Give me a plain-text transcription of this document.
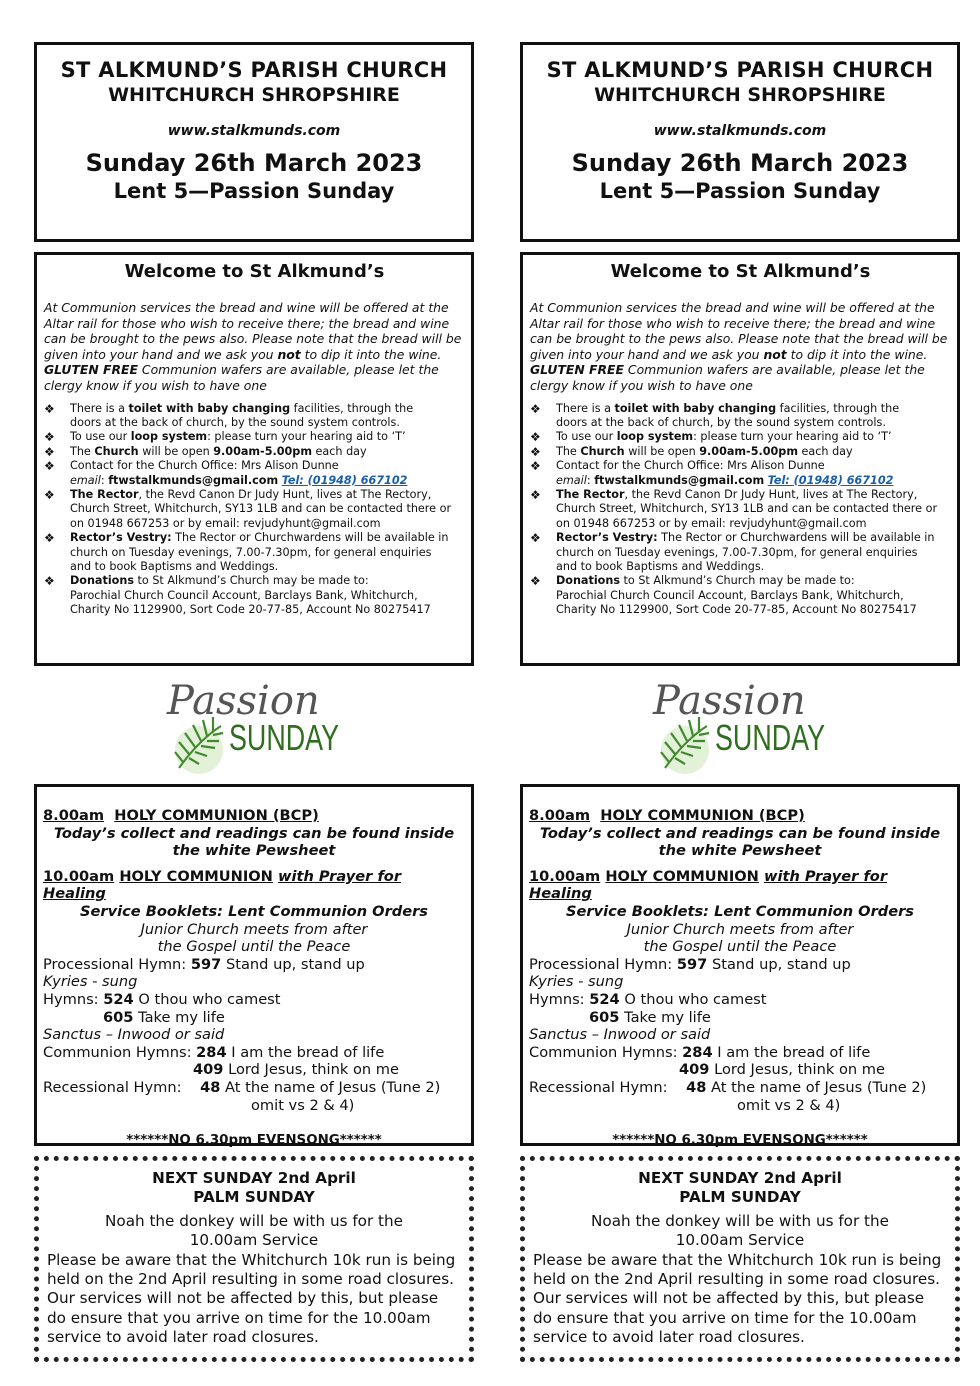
ST ALKMUND’S PARISH CHURCH
WHITCHURCH SHROPSHIRE
www.stalkmunds.com
Sunday 26th March 2023
Lent 5—Passion Sunday
Welcome to St Alkmund’s
At Communion services the bread and wine will be offered at the Altar rail for those who wish to receive there; the bread and wine can be brought to the pews also. Please note that the bread will be given into your hand and we ask you not to dip it into the wine. GLUTEN FREE Communion wafers are available, please let the clergy know if you wish to have one
❖ There is a toilet with baby changing facilities, through the
doors at the back of church, by the sound system controls.
❖ To use our loop system: please turn your hearing aid to ‘T’
❖ The Church will be open 9.00am-5.00pm each day
❖ Contact for the Church Office: Mrs Alison Dunne
email: ftwstalkmunds@gmail.com Tel: (01948) 667102
❖ The Rector, the Revd Canon Dr Judy Hunt, lives at The Rectory, Church Street, Whitchurch, SY13 1LB and can be contacted there or on 01948 667253 or by email: revjudyhunt@gmail.com
❖ Rector’s Vestry: The Rector or Churchwardens will be available in church on Tuesday evenings, 7.00-7.30pm, for general enquiries
and to book Baptisms and Weddings.
❖ Donations to St Alkmund’s Church may be made to:
Parochial Church Council Account, Barclays Bank, Whitchurch,
Charity No 1129900, Sort Code 20-77-85, Account No 80275417
Passion
SUNDAY
8.00am HOLY COMMUNION (BCP)
Today’s collect and readings can be found inside
the white Pewsheet
10.00am HOLY COMMUNION with Prayer for Healing
Service Booklets: Lent Communion Orders
Junior Church meets from after
the Gospel until the Peace
Processional Hymn: 597 Stand up, stand up
Kyries - sung
Hymns: 524 O thou who camest
605 Take my life
Sanctus – Inwood or said
Communion Hymns: 284 I am the bread of life
409 Lord Jesus, think on me
Recessional Hymn:    48 At the name of Jesus (Tune 2)
omit vs 2 & 4)
******NO 6.30pm EVENSONG******
NEXT SUNDAY 2nd April
PALM SUNDAY
Noah the donkey will be with us for the
10.00am Service
Please be aware that the Whitchurch 10k run is being held on the 2nd April resulting in some road closures. Our services will not be affected by this, but please do ensure that you arrive on time for the 10.00am service to avoid later road closures.
ST ALKMUND’S PARISH CHURCH
WHITCHURCH SHROPSHIRE
www.stalkmunds.com
Sunday 26th March 2023
Lent 5—Passion Sunday
Welcome to St Alkmund’s
At Communion services the bread and wine will be offered at the Altar rail for those who wish to receive there; the bread and wine can be brought to the pews also. Please note that the bread will be given into your hand and we ask you not to dip it into the wine. GLUTEN FREE Communion wafers are available, please let the clergy know if you wish to have one
❖ There is a toilet with baby changing facilities, through the
doors at the back of church, by the sound system controls.
❖ To use our loop system: please turn your hearing aid to ‘T’
❖ The Church will be open 9.00am-5.00pm each day
❖ Contact for the Church Office: Mrs Alison Dunne
email: ftwstalkmunds@gmail.com Tel: (01948) 667102
❖ The Rector, the Revd Canon Dr Judy Hunt, lives at The Rectory, Church Street, Whitchurch, SY13 1LB and can be contacted there or on 01948 667253 or by email: revjudyhunt@gmail.com
❖ Rector’s Vestry: The Rector or Churchwardens will be available in church on Tuesday evenings, 7.00-7.30pm, for general enquiries
and to book Baptisms and Weddings.
❖ Donations to St Alkmund’s Church may be made to:
Parochial Church Council Account, Barclays Bank, Whitchurch,
Charity No 1129900, Sort Code 20-77-85, Account No 80275417
Passion
SUNDAY
8.00am HOLY COMMUNION (BCP)
Today’s collect and readings can be found inside
the white Pewsheet
10.00am HOLY COMMUNION with Prayer for Healing
Service Booklets: Lent Communion Orders
Junior Church meets from after
the Gospel until the Peace
Processional Hymn: 597 Stand up, stand up
Kyries - sung
Hymns: 524 O thou who camest
605 Take my life
Sanctus – Inwood or said
Communion Hymns: 284 I am the bread of life
409 Lord Jesus, think on me
Recessional Hymn:    48 At the name of Jesus (Tune 2)
omit vs 2 & 4)
******NO 6.30pm EVENSONG******
NEXT SUNDAY 2nd April
PALM SUNDAY
Noah the donkey will be with us for the
10.00am Service
Please be aware that the Whitchurch 10k run is being held on the 2nd April resulting in some road closures. Our services will not be affected by this, but please do ensure that you arrive on time for the 10.00am service to avoid later road closures.
